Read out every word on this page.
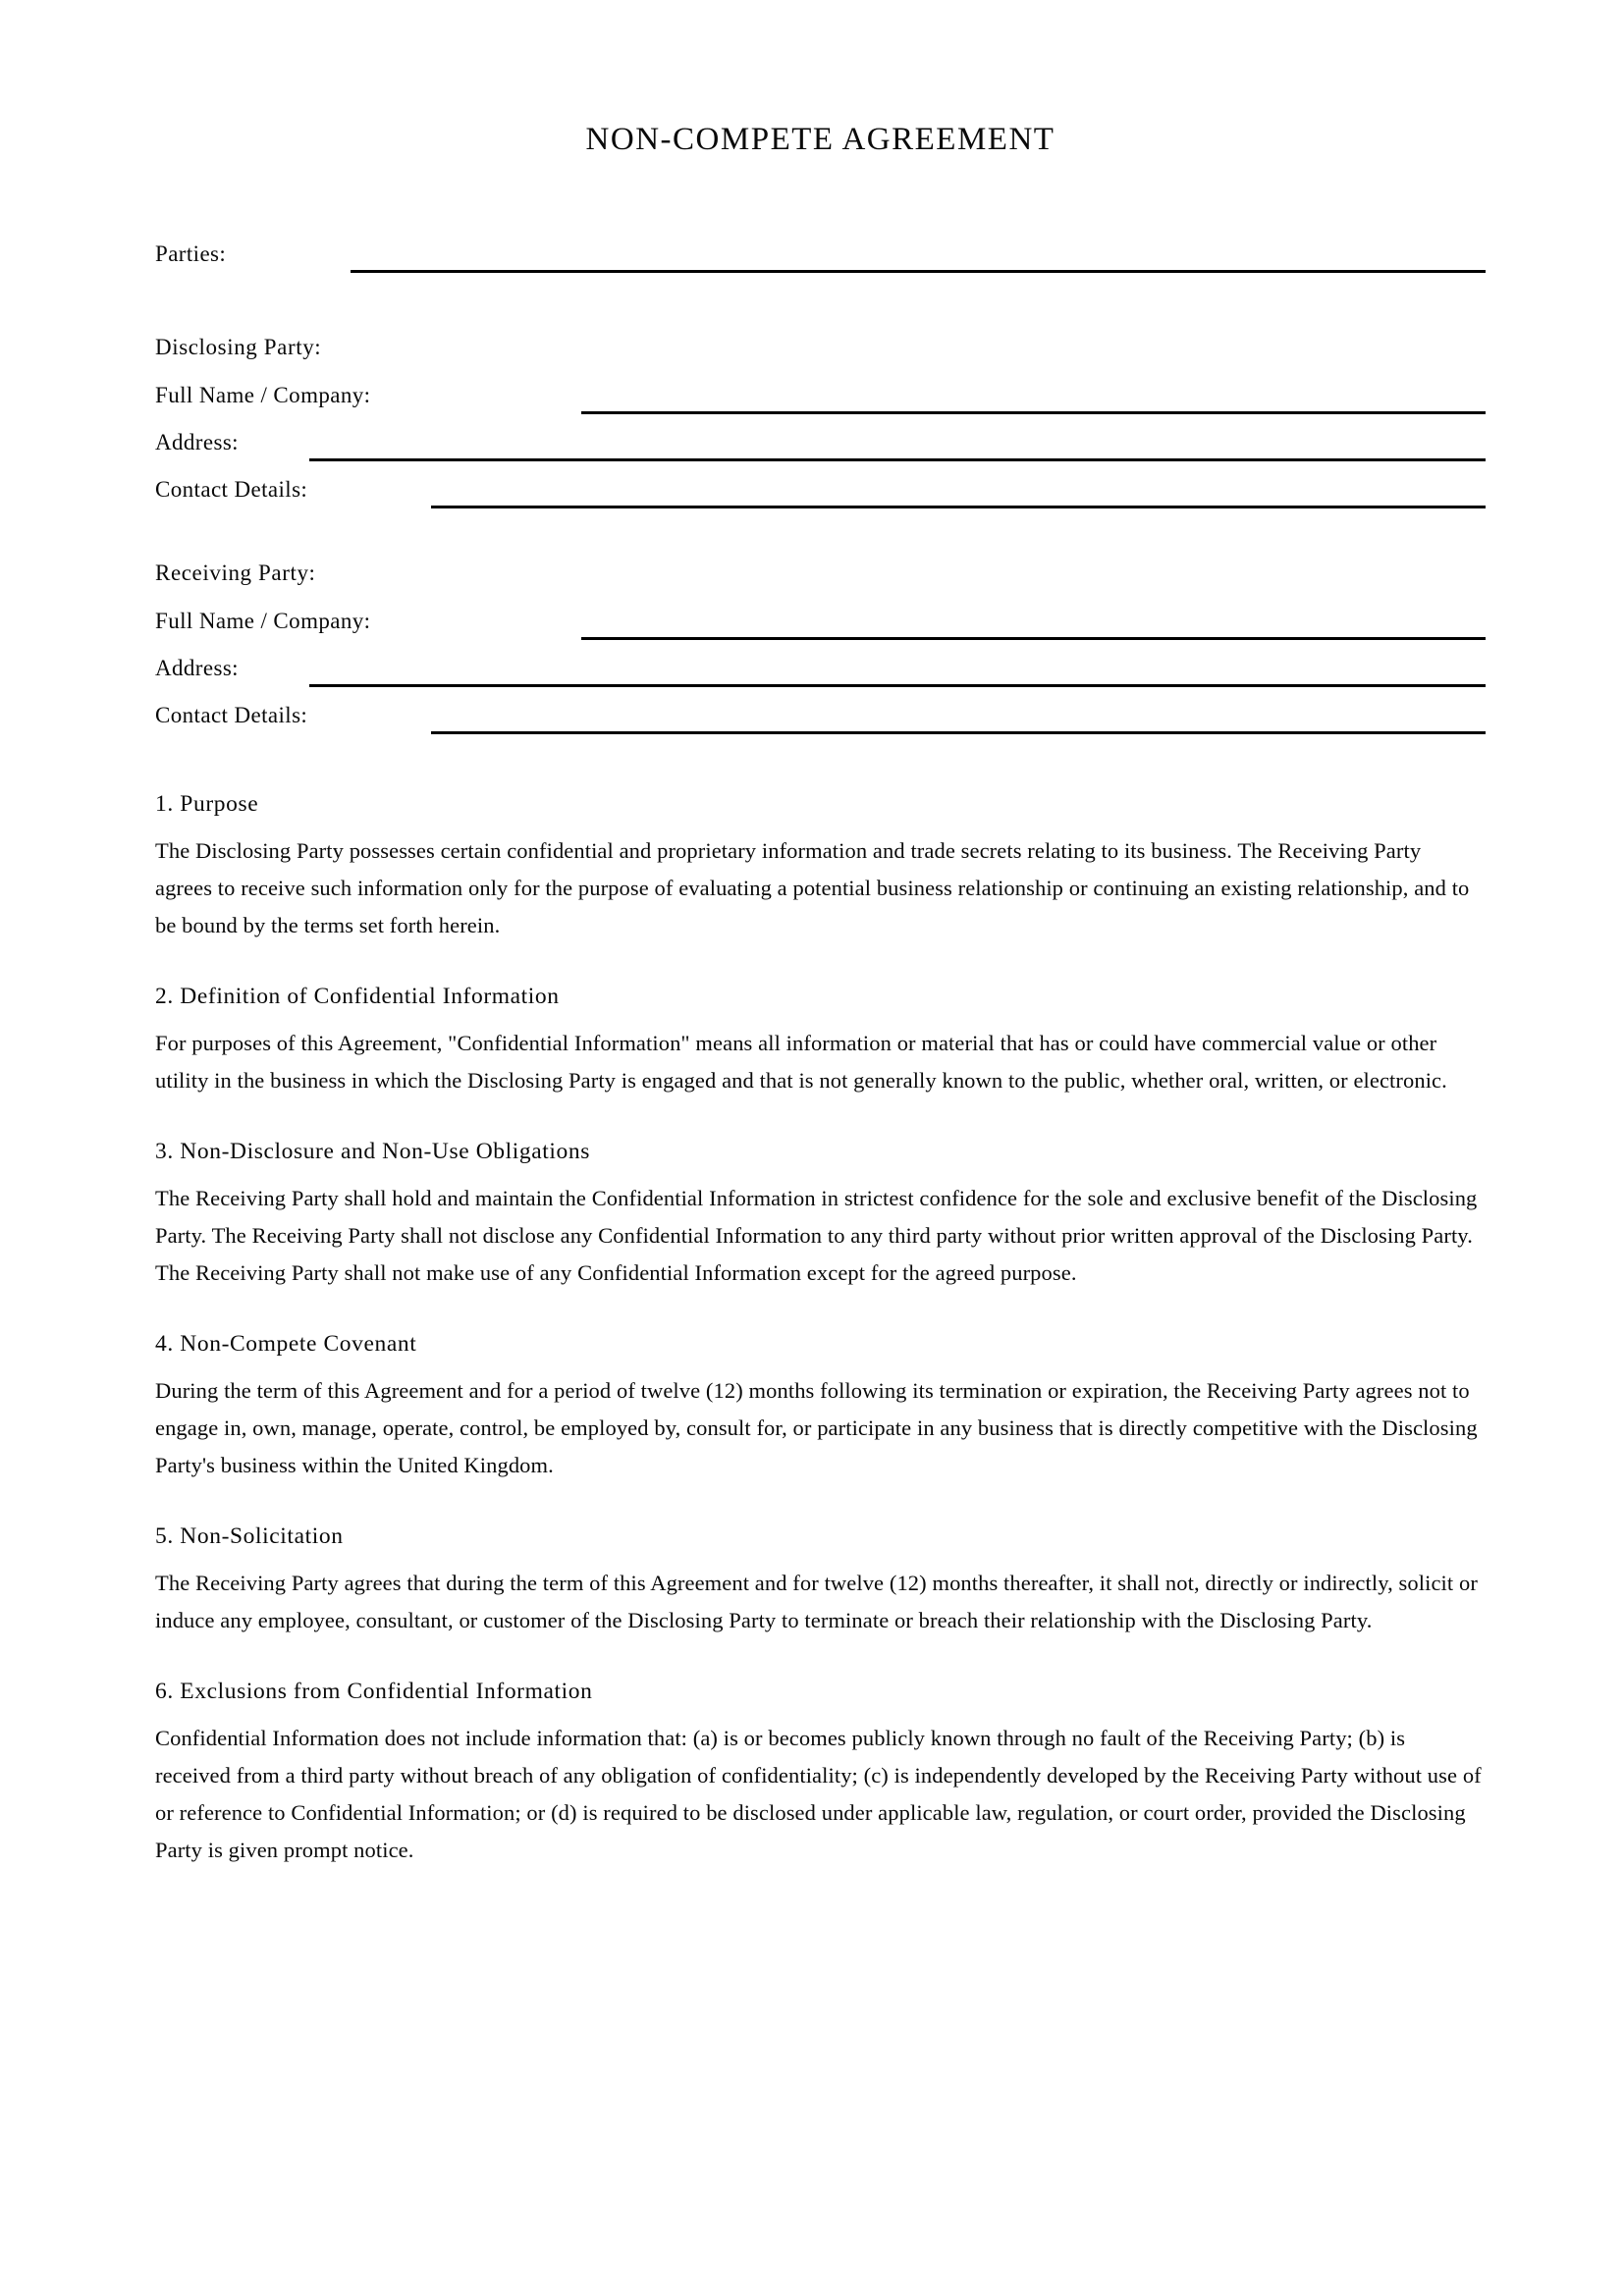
NON-COMPETE AGREEMENT
Parties:
Disclosing Party:
Full Name / Company:
Address:
Contact Details:
Receiving Party:
Full Name / Company:
Address:
Contact Details:
1. Purpose

The Disclosing Party possesses certain confidential and proprietary information and trade secrets relating to its business. The Receiving Party agrees to receive such information only for the purpose of evaluating a potential business relationship or continuing an existing relationship, and to be bound by the terms set forth herein.

2. Definition of Confidential Information

For purposes of this Agreement, "Confidential Information" means all information or material that has or could have commercial value or other utility in the business in which the Disclosing Party is engaged and that is not generally known to the public, whether oral, written, or electronic.

3. Non-Disclosure and Non-Use Obligations

The Receiving Party shall hold and maintain the Confidential Information in strictest confidence for the sole and exclusive benefit of the Disclosing Party. The Receiving Party shall not disclose any Confidential Information to any third party without prior written approval of the Disclosing Party. The Receiving Party shall not make use of any Confidential Information except for the agreed purpose.

4. Non-Compete Covenant

During the term of this Agreement and for a period of twelve (12) months following its termination or expiration, the Receiving Party agrees not to engage in, own, manage, operate, control, be employed by, consult for, or participate in any business that is directly competitive with the Disclosing Party's business within the United Kingdom.

5. Non-Solicitation

The Receiving Party agrees that during the term of this Agreement and for twelve (12) months thereafter, it shall not, directly or indirectly, solicit or induce any employee, consultant, or customer of the Disclosing Party to terminate or breach their relationship with the Disclosing Party.

6. Exclusions from Confidential Information

Confidential Information does not include information that: (a) is or becomes publicly known through no fault of the Receiving Party; (b) is received from a third party without breach of any obligation of confidentiality; (c) is independently developed by the Receiving Party without use of or reference to Confidential Information; or (d) is required to be disclosed under applicable law, regulation, or court order, provided the Disclosing Party is given prompt notice.
